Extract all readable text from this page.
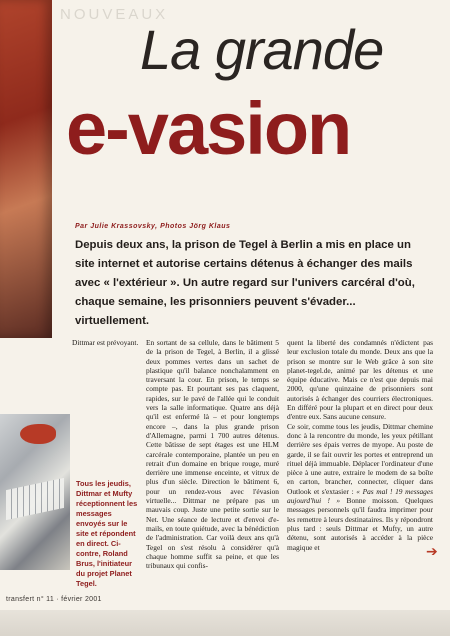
NOUVEAUX
La grande
e-vasion
Par Julie Krassovsky, Photos Jörg Klaus
Depuis deux ans, la prison de Tegel à Berlin a mis en place un site internet et autorise certains détenus à échanger des mails avec « l'extérieur ». Un autre regard sur l'univers carcéral d'où, chaque semaine, les prisonniers peuvent s'évader... virtuellement.

Dittmar est prévoyant. En sortant de sa cellule, dans le bâtiment 5 de la prison de Tegel, à Berlin, il a glissé deux pommes vertes dans un sachet de plastique qu'il balance nonchalamment en traversant la cour. En prison, le temps se compte pas. Et pourtant ses pas claquent, rapides, sur le pavé de l'allée qui le conduit vers la salle informatique. Quatre ans déjà qu'il est enfermé là – et pour longtemps encore –, dans la plus grande prison d'Allemagne, parmi 1 700 autres détenus. Cette bâtisse de sept étages est une HLM carcérale contemporaine, plantée un peu en retrait d'un domaine en brique rouge, muré derrière une immense enceinte, et vitrux de plus d'un siècle. Direction le bâtiment 6, pour un rendez-vous avec l'évasion virtuelle... Dittmar ne prépare pas un mauvais coup. Juste une petite sortie sur le Net. Une séance de lecture et d'envoi d'e-mails, en toute quiétude, avec la bénédiction de l'administration. Car voilà deux ans qu'à Tegel on s'est résolu à considérer qu'à chaque homme suffit sa peine, et que les tribunaux qui confis-

quent la liberté des condamnés n'édictent pas leur exclusion totale du monde. Deux ans que la prison se montre sur le Web grâce à son site planet-tegel.de, animé par les détenus et une équipe éducative. Mais ce n'est que depuis mai 2000, qu'une quinzaine de prisonniers sont autorisés à échanger des courriers électroniques. En différé pour la plupart et en direct pour deux d'entre eux. Sans aucune censure.

Ce soir, comme tous les jeudis, Dittmar chemine donc à la rencontre du monde, les yeux pétillant derrière ses épais verres de myope. Au poste de garde, il se fait ouvrir les portes et entreprend un rituel déjà immuable. Déplacer l'ordinateur d'une pièce à une autre, extraire le modem de sa boîte en carton, brancher, connecter, cliquer dans Outlook et s'extasier : « Pas mal ! 19 messages aujourd'hui ! » Bonne moisson. Quelques messages personnels qu'il faudra imprimer pour les remettre à leurs destinataires. Ils y répondront plus tard : seuls Dittmar et Mufty, un autre détenu, sont autorisés à accéder à la pièce magique et

Tous les jeudis, Dittmar et Mufty réceptionnent les messages envoyés sur le site et répondent en direct. Ci-contre, Roland Brus, l'initiateur du projet Planet Tegel.
➔
transfert n° 11 · février 2001
